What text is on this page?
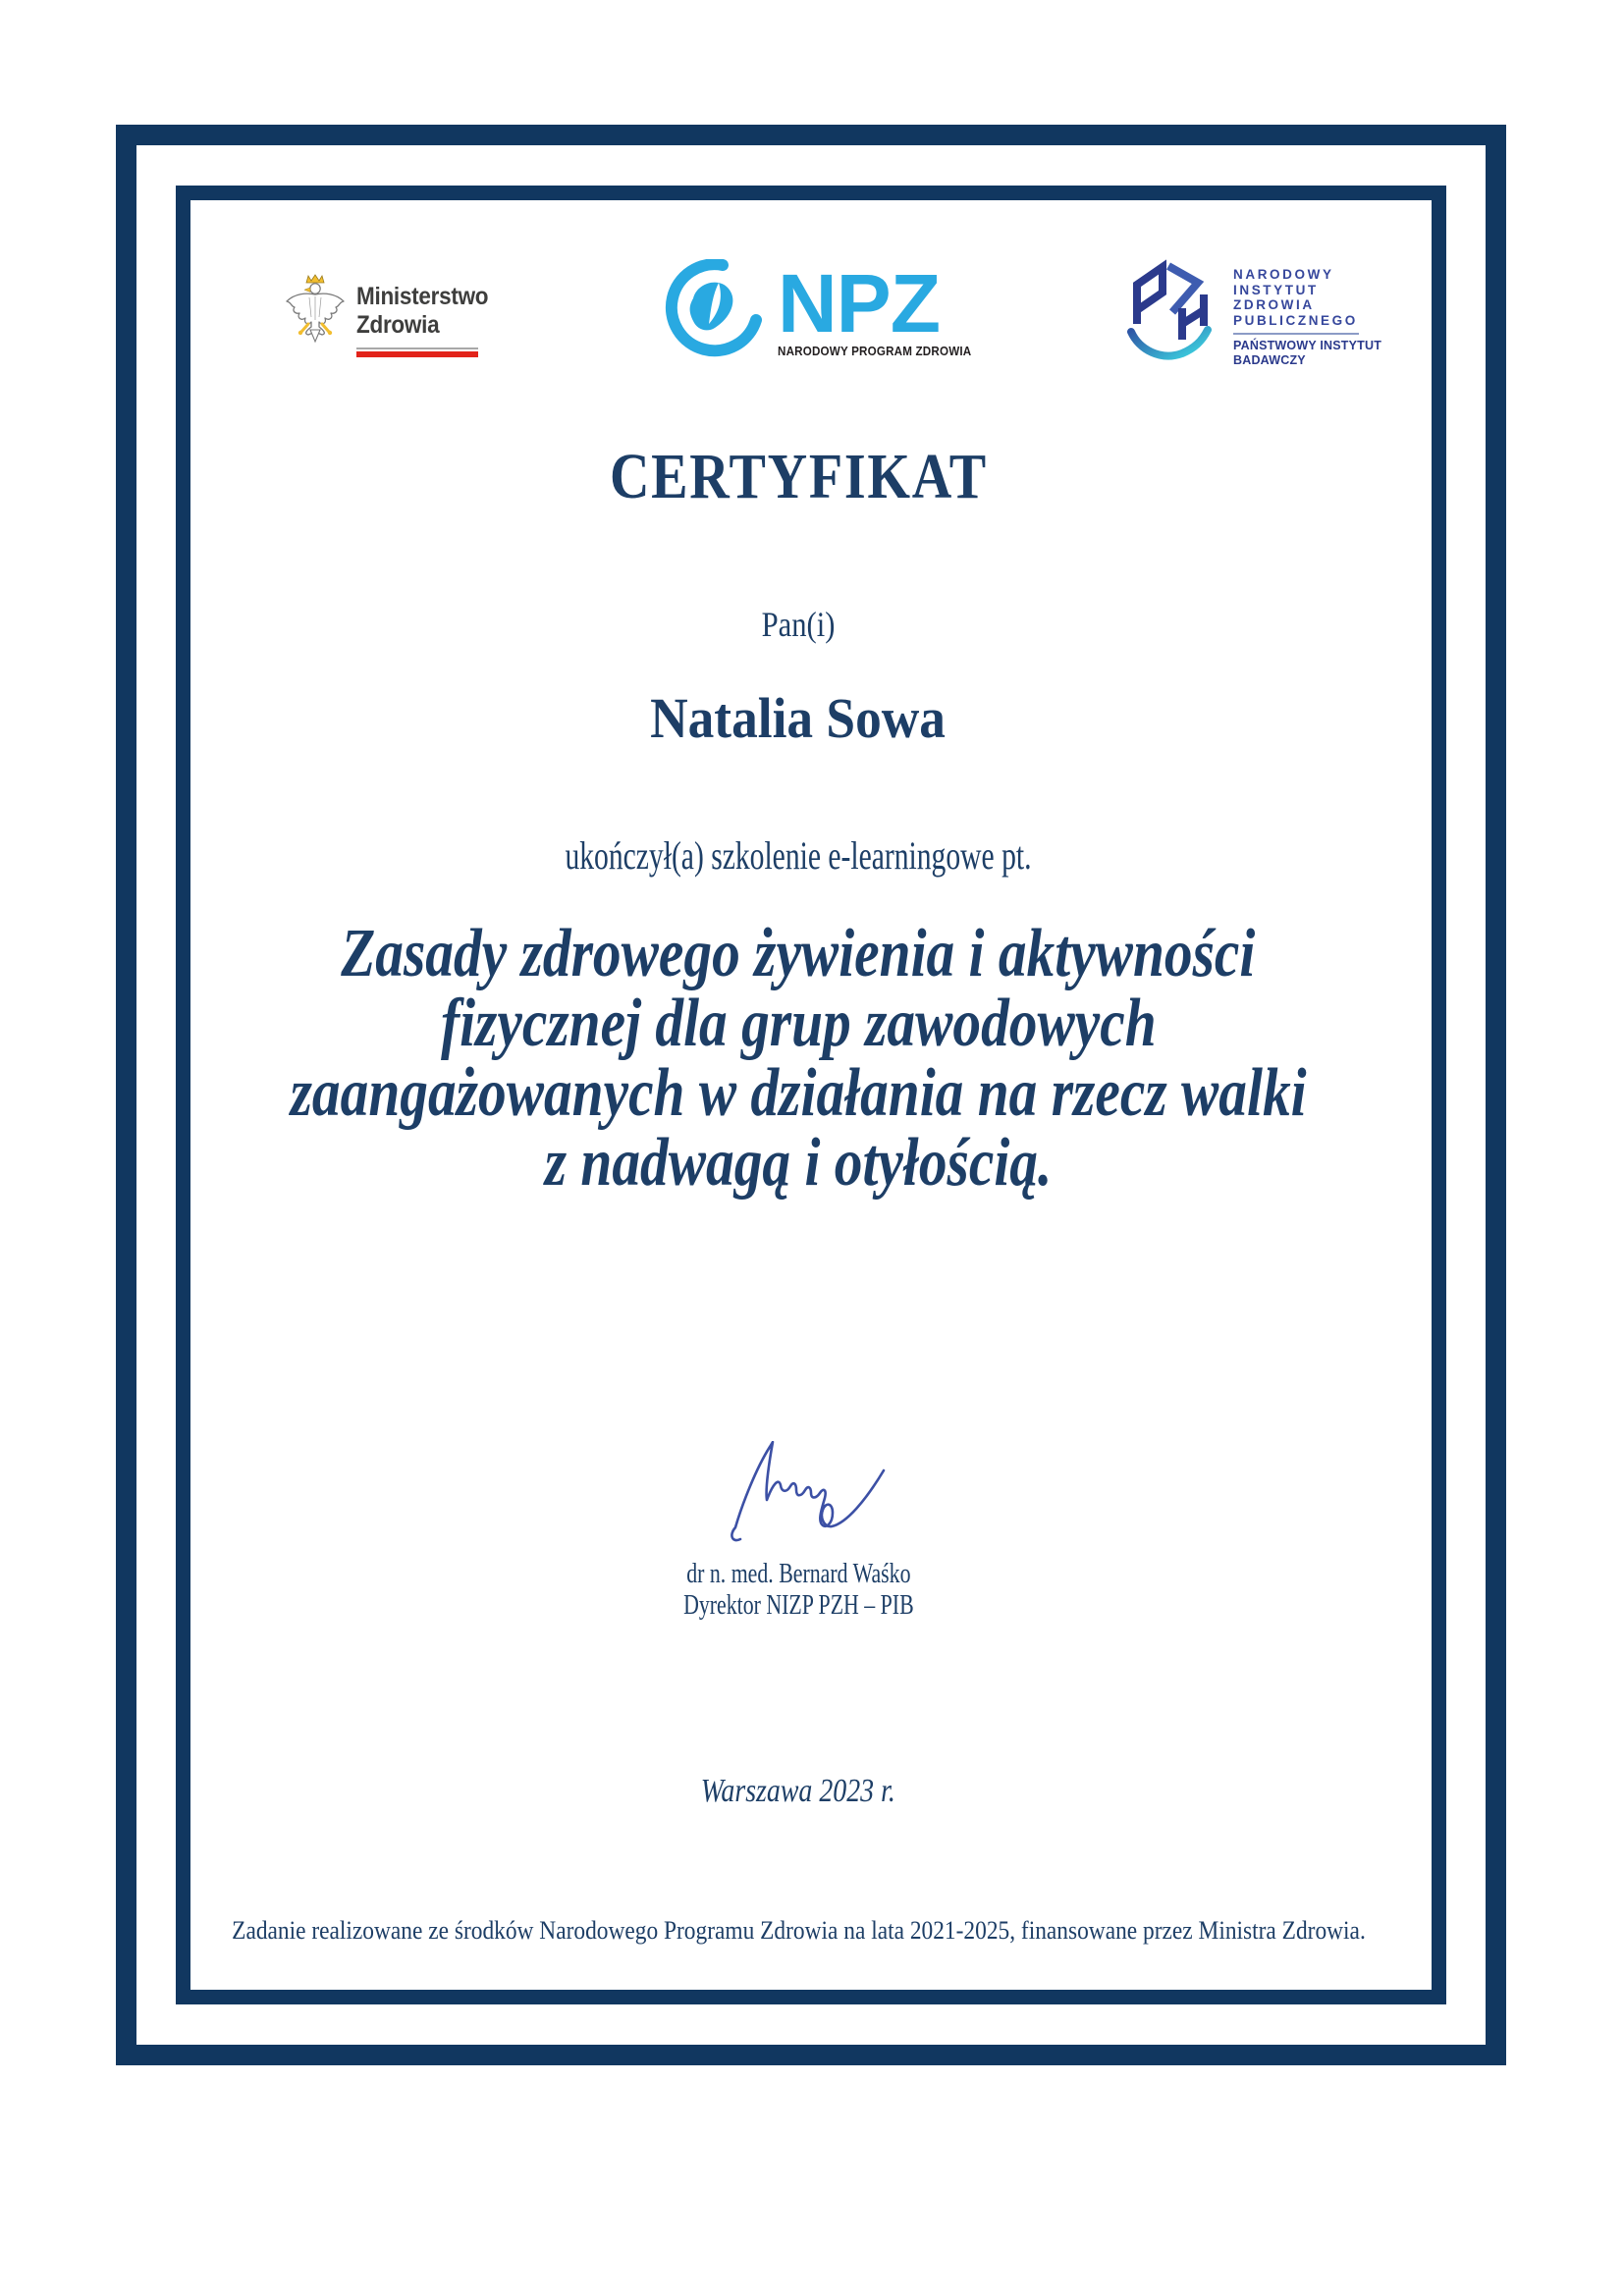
Ministerstwo
Zdrowia	NPZ
NARODOWY PROGRAM ZDROWIA
NARODOWY
INSTYTUT
ZDROWIA
PUBLICZNEGO
PAŃSTWOWY INSTYTUT
BADAWCZY
CERTYFIKAT
Pan(i)
Natalia Sowa
ukończył(a) szkolenie e-learningowe pt.
Zasady zdrowego żywienia i aktywności
fizycznej dla grup zawodowych
zaangażowanych w działania na rzecz walki
z nadwagą i otyłością.
dr n. med. Bernard Waśko
Dyrektor NIZP PZH – PIB
Warszawa 2023 r.
Zadanie realizowane ze środków Narodowego Programu Zdrowia na lata 2021-2025, finansowane przez Ministra Zdrowia.
